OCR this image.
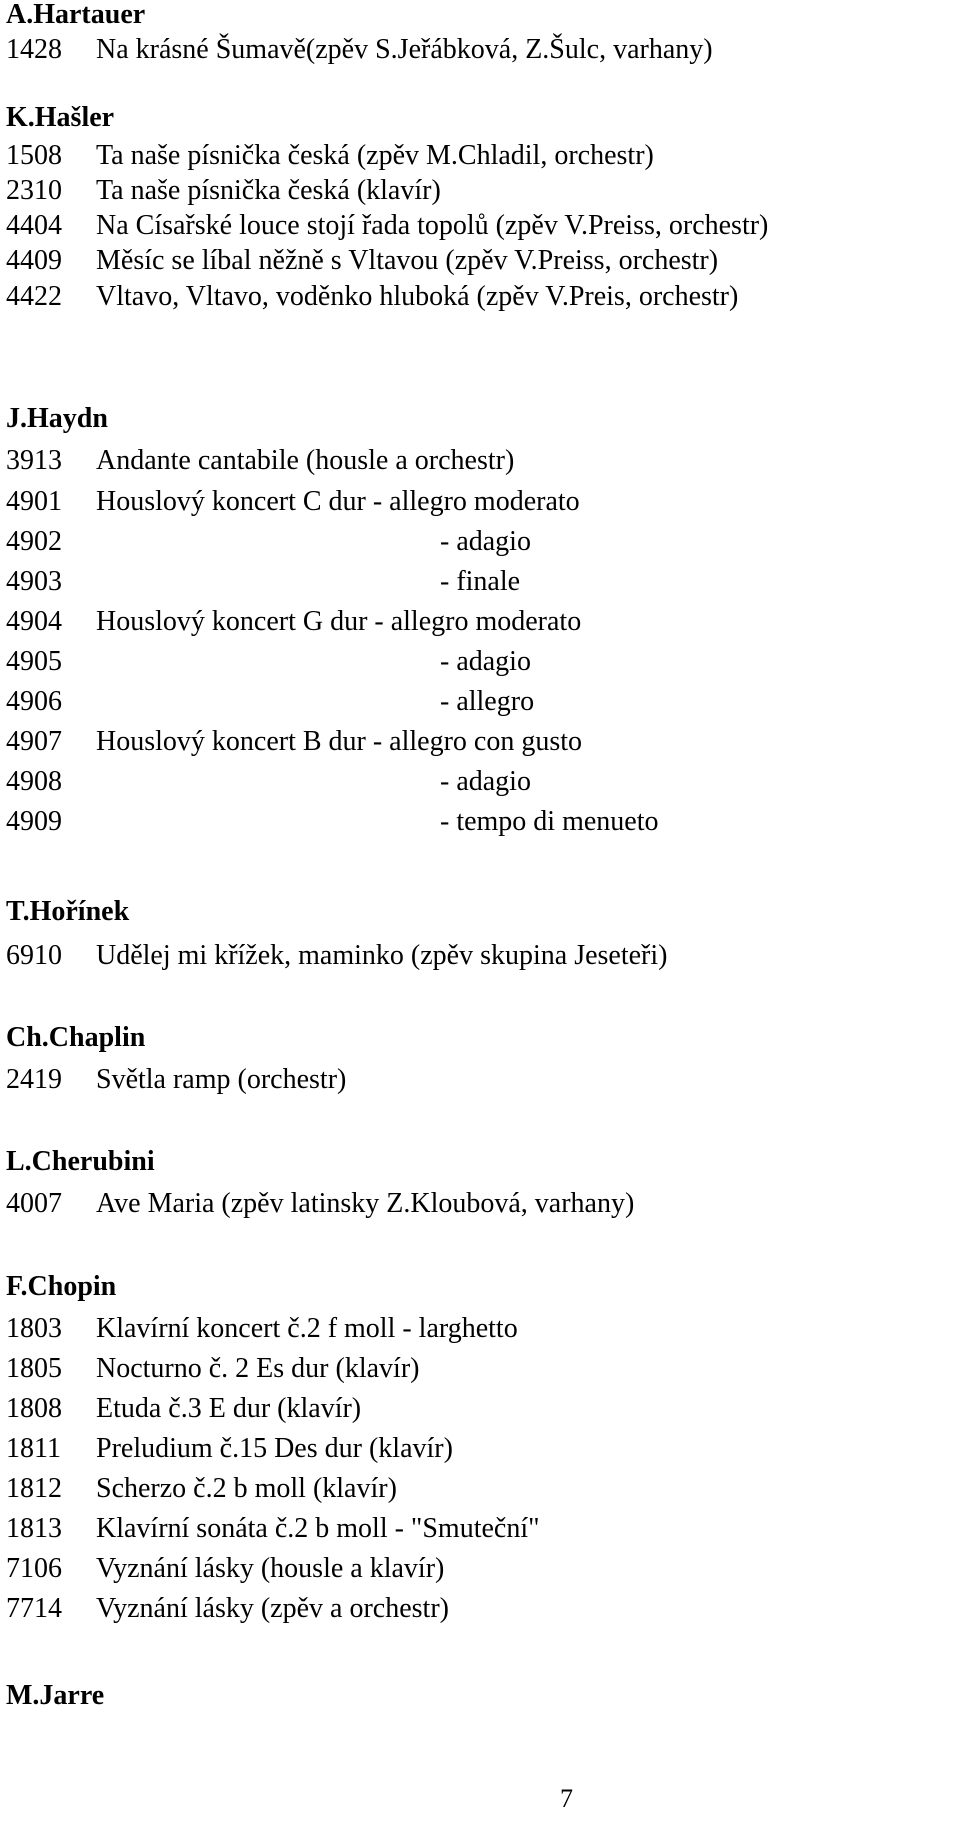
A.Hartauer
1428 Na krásné Šumavě(zpěv S.Jeřábková, Z.Šulc, varhany)
K.Hašler
1508 Ta naše písnička česká (zpěv M.Chladil, orchestr)
2310 Ta naše písnička česká (klavír)
4404 Na Císařské louce stojí řada topolů (zpěv V.Preiss, orchestr)
4409 Měsíc se líbal něžně s Vltavou (zpěv V.Preiss, orchestr)
4422 Vltavo, Vltavo, voděnko hluboká (zpěv V.Preis, orchestr)
J.Haydn
3913 Andante cantabile (housle a orchestr)
4901 Houslový koncert C dur - allegro moderato
4902	- adagio
4903	- finale
4904 Houslový koncert G dur - allegro moderato
4905	- adagio
4906	- allegro
4907 Houslový koncert B dur - allegro con gusto
4908	- adagio
4909	- tempo di menueto
T.Hořínek
6910 Udělej mi křížek, maminko (zpěv skupina Jeseteři)
Ch.Chaplin
2419 Světla ramp (orchestr)
L.Cherubini
4007 Ave Maria (zpěv latinsky Z.Kloubová, varhany)
F.Chopin
1803 Klavírní koncert č.2 f moll - larghetto
1805 Nocturno č. 2 Es dur (klavír)
1808 Etuda č.3 E dur (klavír)
1811 Preludium č.15 Des dur (klavír)
1812 Scherzo č.2 b moll (klavír)
1813 Klavírní sonáta č.2 b moll - "Smuteční"
7106 Vyznání lásky (housle a klavír)
7714 Vyznání lásky (zpěv a orchestr)
M.Jarre
7
